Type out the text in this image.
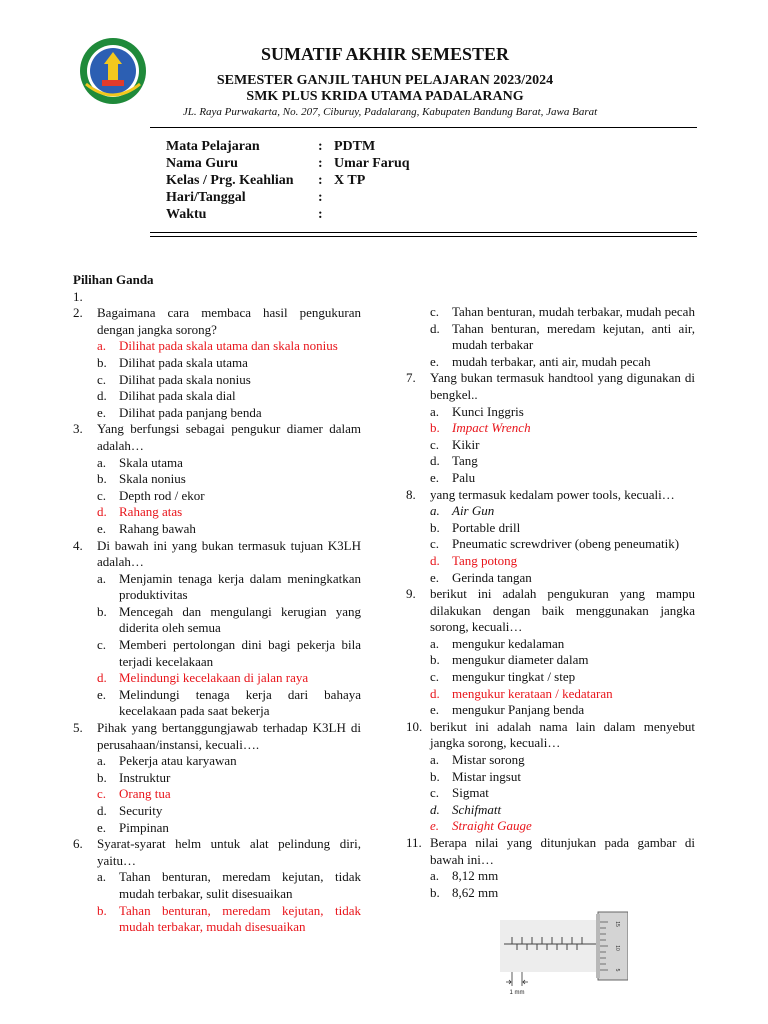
SUMATIF AKHIR SEMESTER
SEMESTER GANJIL TAHUN PELAJARAN 2023/2024
SMK PLUS KRIDA UTAMA PADALARANG
JL. Raya Purwakarta, No. 207, Ciburuy, Padalarang, Kabupaten Bandung Barat, Jawa Barat
Mata Pelajaran	: PDTM
Nama Guru	: Umar Faruq
Kelas / Prg. Keahlian : X TP
Hari/Tanggal	:
Waktu	:
Pilihan Ganda
1.

2. Bagaimana cara membaca hasil pengukuran dengan jangka sorong?
a. Dilihat pada skala utama dan skala nonius
b. Dilihat pada skala utama
c. Dilihat pada skala nonius
d. Dilihat pada skala dial
e. Dilihat pada panjang benda
3. Yang berfungsi sebagai pengukur diamer dalam adalah…
a. Skala utama
b. Skala nonius
c. Depth rod / ekor
d. Rahang atas
e. Rahang bawah
4. Di bawah ini yang bukan termasuk tujuan K3LH adalah…
a. Menjamin tenaga kerja dalam meningkatkan produktivitas
b. Mencegah dan mengulangi kerugian yang diderita oleh semua
c. Memberi pertolongan dini bagi pekerja bila terjadi kecelakaan
d. Melindungi kecelakaan di jalan raya
e. Melindungi tenaga kerja dari bahaya kecelakaan pada saat bekerja
5. Pihak yang bertanggungjawab terhadap K3LH di perusahaan/instansi, kecuali….
a. Pekerja atau karyawan
b. Instruktur
c. Orang tua
d. Security
e. Pimpinan
6. Syarat-syarat helm untuk alat pelindung diri, yaitu…
a. Tahan benturan, meredam kejutan, tidak mudah terbakar, sulit disesuaikan
b. Tahan benturan, meredam kejutan, tidak mudah terbakar, mudah disesuaikan
c. Tahan benturan, mudah terbakar, mudah pecah
d. Tahan benturan, meredam kejutan, anti air, mudah terbakar
e. mudah terbakar, anti air, mudah pecah
7. Yang bukan termasuk handtool yang digunakan di bengkel..
a. Kunci Inggris
b. Impact Wrench
c. Kikir
d. Tang
e. Palu
8. yang termasuk kedalam power tools, kecuali…
a. Air Gun
b. Portable drill
c. Pneumatic screwdriver (obeng peneumatik)
d. Tang potong
e. Gerinda tangan
9. berikut ini adalah pengukuran yang mampu dilakukan dengan baik menggunakan jangka sorong, kecuali…
a. mengukur kedalaman
b. mengukur diameter dalam
c. mengukur tingkat / step
d. mengukur kerataan / kedataran
e. mengukur Panjang benda
10. berikut ini adalah nama lain dalam menyebut jangka sorong, kecuali…
a. Mistar sorong
b. Mistar ingsut
c. Sigmat
d. Schifmatt
e. Straight Gauge
11. Berapa nilai yang ditunjukan pada gambar di bawah ini…
a. 8,12 mm
b. 8,62 mm
15
10
5
1 mm
